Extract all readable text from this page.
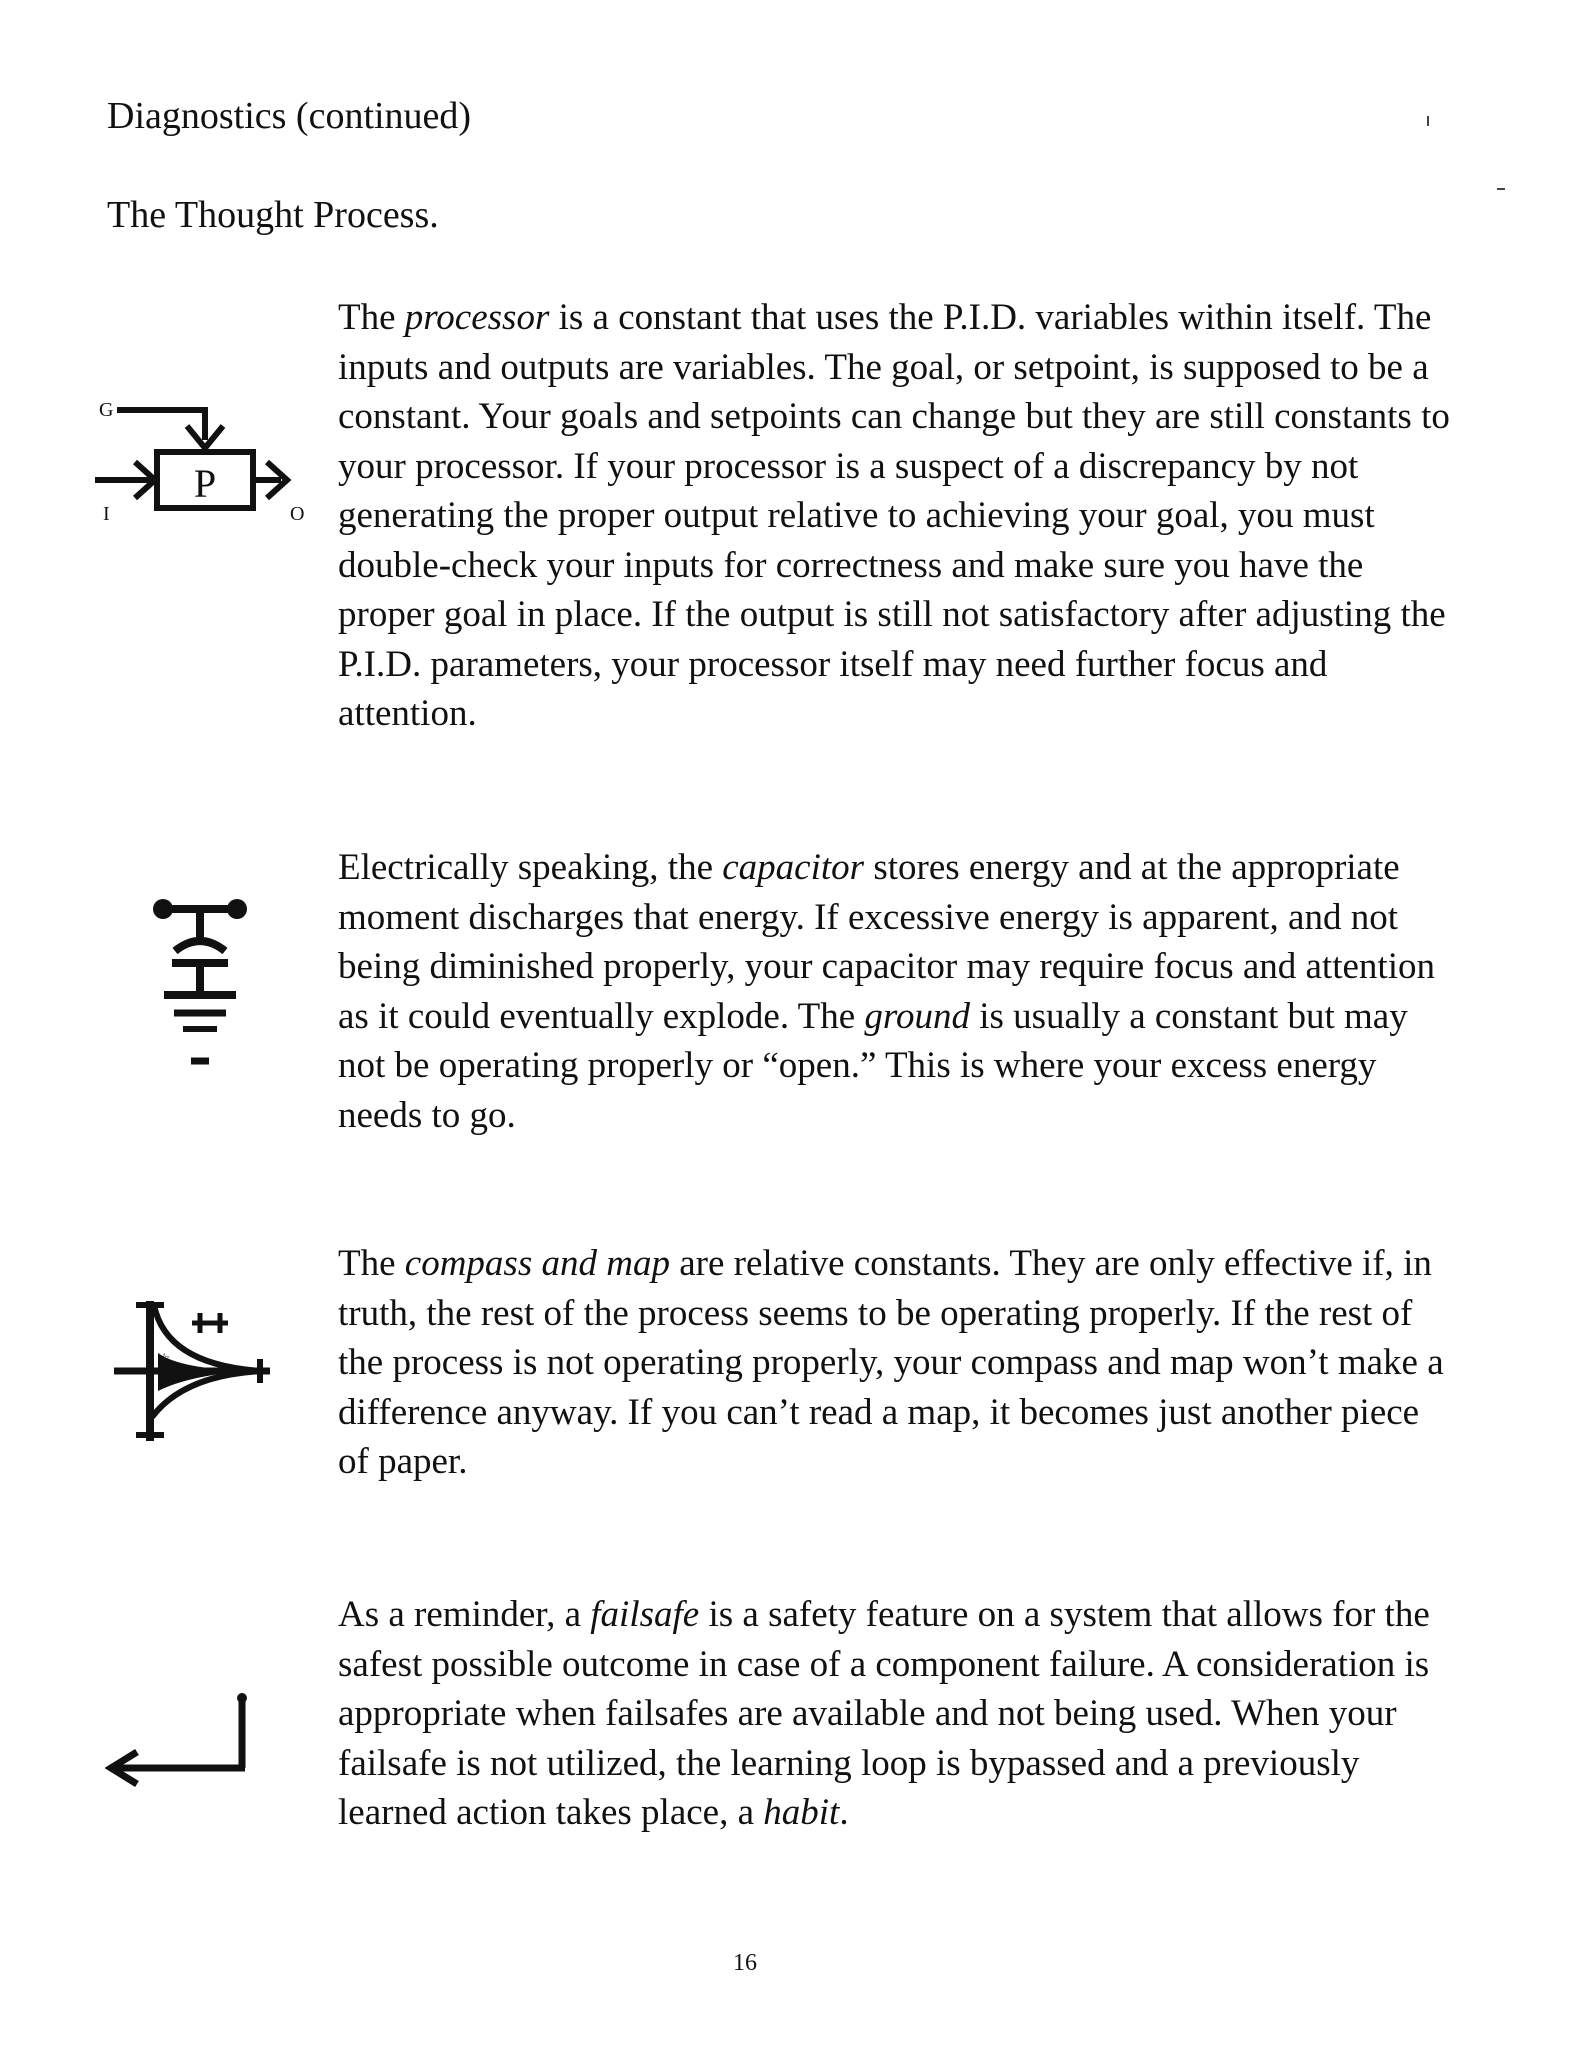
Diagnostics (continued)
The Thought Process.
G
P
I	O

The processor is a constant that uses the P.I.D. variables within itself. The inputs and outputs are variables. The goal, or setpoint, is supposed to be a constant. Your goals and setpoints can change but they are still constants to your processor. If your processor is a suspect of a discrepancy by not generating the proper output relative to achieving your goal, you must double-check your inputs for correctness and make sure you have the proper goal in place. If the output is still not satisfactory after adjusting the P.I.D. parameters, your processor itself may need further focus and attention.

Electrically speaking, the capacitor stores energy and at the appropriate moment discharges that energy. If excessive energy is apparent, and not being diminished properly, your capacitor may require focus and attention as it could eventually explode. The ground is usually a constant but may not be operating properly or “open.” This is where your excess energy needs to go.

☆

The compass and map are relative constants. They are only effective if, in truth, the rest of the process seems to be operating properly. If the rest of the process is not operating properly, your compass and map won’t make a difference anyway. If you can’t read a map, it becomes just another piece of paper.

As a reminder, a failsafe is a safety feature on a system that allows for the safest possible outcome in case of a component failure. A consideration is appropriate when failsafes are available and not being used. When your failsafe is not utilized, the learning loop is bypassed and a previously learned action takes place, a habit.

16
